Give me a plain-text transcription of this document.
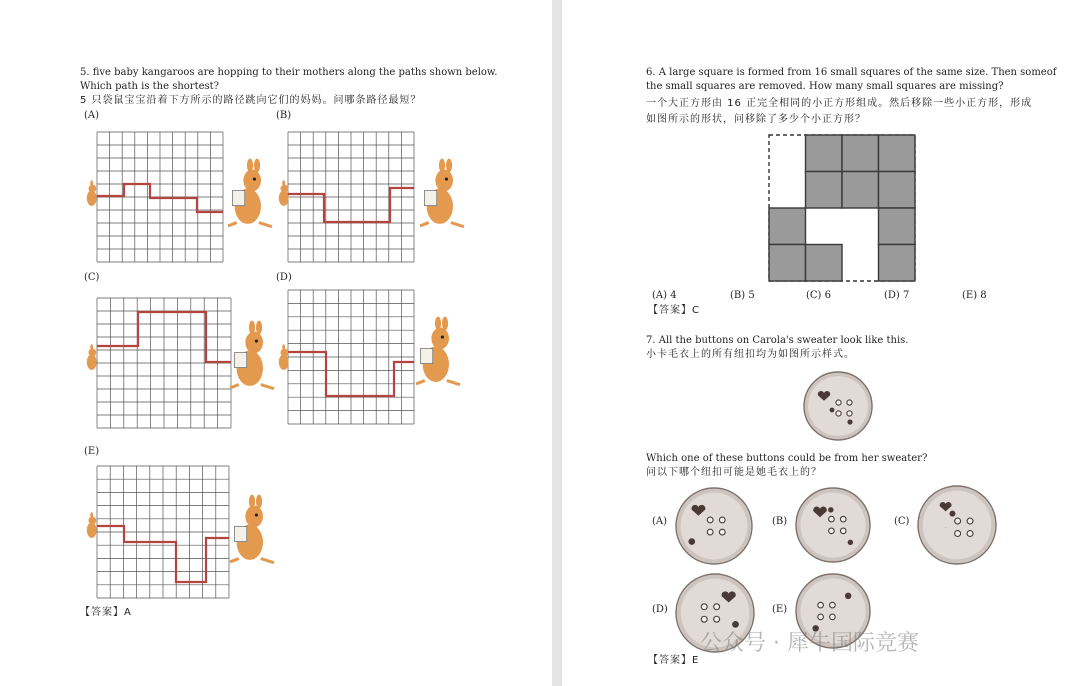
5. five baby kangaroos are hopping to their mothers along the paths shown below.
Which path is the shortest?
5 只袋鼠宝宝沿着下方所示的路径跳向它们的妈妈。问哪条路径最短？
(A)	(B)
(C)	(D)
(E)
【答案】A
6. A large square is formed from 16 small squares of the same size. Then someof
the small squares are removed. How many small squares are missing?
一个大正方形由 16 正完全相同的小正方形组成。然后移除一些小正方形，形成
如图所示的形状，问移除了多少个小正方形？
(A) 4	(B) 5	(C) 6	(D) 7	(E) 8
【答案】C
7. All the buttons on Carola's sweater look like this.
小卡毛衣上的所有纽扣均为如图所示样式。
Which one of these buttons could be from her sweater?
问以下哪个纽扣可能是她毛衣上的？
(A)	(B)	(C)
(D)	(E)
【答案】E
公众号 · 犀牛国际竞赛
